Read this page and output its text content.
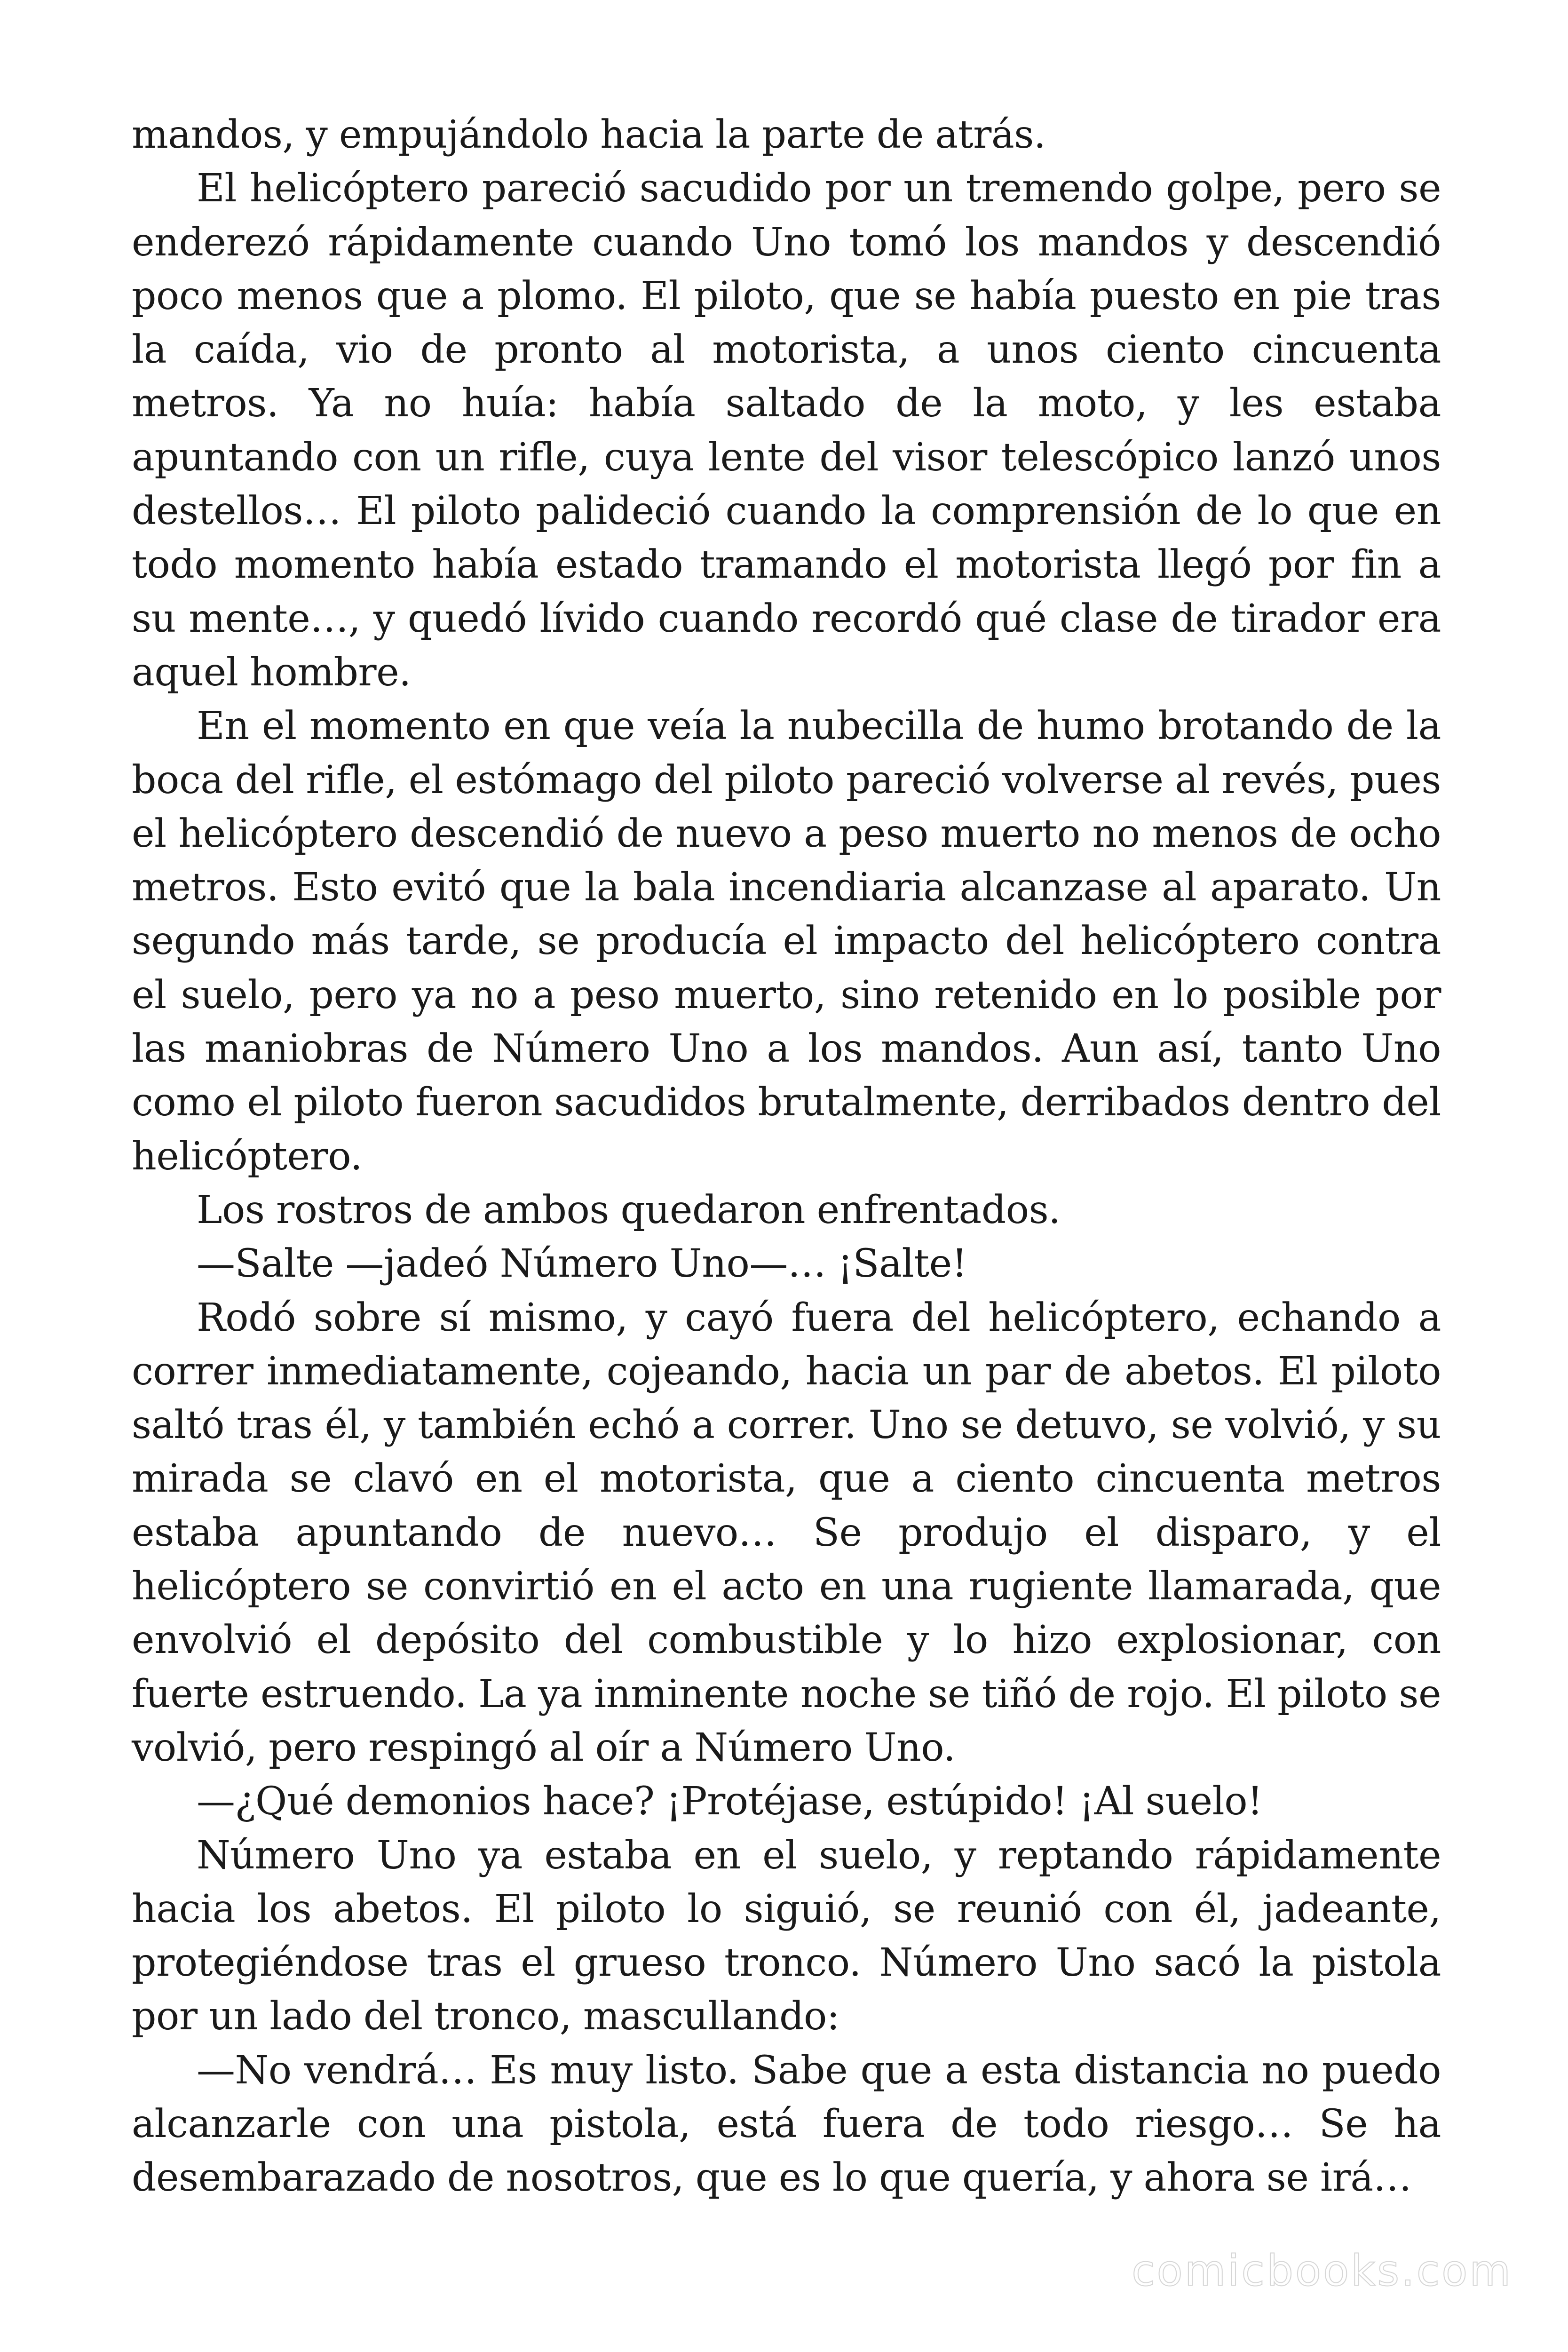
mandos, y empujándolo hacia la parte de atrás.

El helicóptero pareció sacudido por un tremendo golpe, pero se enderezó rápidamente cuando Uno tomó los mandos y descendió poco menos que a plomo. El piloto, que se había puesto en pie tras la caída, vio de pronto al motorista, a unos ciento cincuenta metros. Ya no huía: había saltado de la moto, y les estaba apuntando con un rifle, cuya lente del visor telescópico lanzó unos destellos… El piloto palideció cuando la comprensión de lo que en todo momento había estado tramando el motorista llegó por fin a su mente…, y quedó lívido cuando recordó qué clase de tirador era aquel hombre.

En el momento en que veía la nubecilla de humo brotando de la boca del rifle, el estómago del piloto pareció volverse al revés, pues el helicóptero descendió de nuevo a peso muerto no menos de ocho metros. Esto evitó que la bala incendiaria alcanzase al aparato. Un segundo más tarde, se producía el impacto del helicóptero contra el suelo, pero ya no a peso muerto, sino retenido en lo posible por las maniobras de Número Uno a los mandos. Aun así, tanto Uno como el piloto fueron sacudidos brutalmente, derribados dentro del helicóptero.

Los rostros de ambos quedaron enfrentados.

—Salte —jadeó Número Uno—… ¡Salte!

Rodó sobre sí mismo, y cayó fuera del helicóptero, echando a correr inmediatamente, cojeando, hacia un par de abetos. El piloto saltó tras él, y también echó a correr. Uno se detuvo, se volvió, y su mirada se clavó en el motorista, que a ciento cincuenta metros estaba apuntando de nuevo… Se produjo el disparo, y el helicóptero se convirtió en el acto en una rugiente llamarada, que envolvió el depósito del combustible y lo hizo explosionar, con fuerte estruendo. La ya inminente noche se tiñó de rojo. El piloto se volvió, pero respingó al oír a Número Uno.

—¿Qué demonios hace? ¡Protéjase, estúpido! ¡Al suelo!

Número Uno ya estaba en el suelo, y reptando rápidamente hacia los abetos. El piloto lo siguió, se reunió con él, jadeante, protegiéndose tras el grueso tronco. Número Uno sacó la pistola por un lado del tronco, mascullando:

—No vendrá… Es muy listo. Sabe que a esta distancia no puedo alcanzarle con una pistola, está fuera de todo riesgo… Se ha desembarazado de nosotros, que es lo que quería, y ahora se irá…

comicbooks.com
